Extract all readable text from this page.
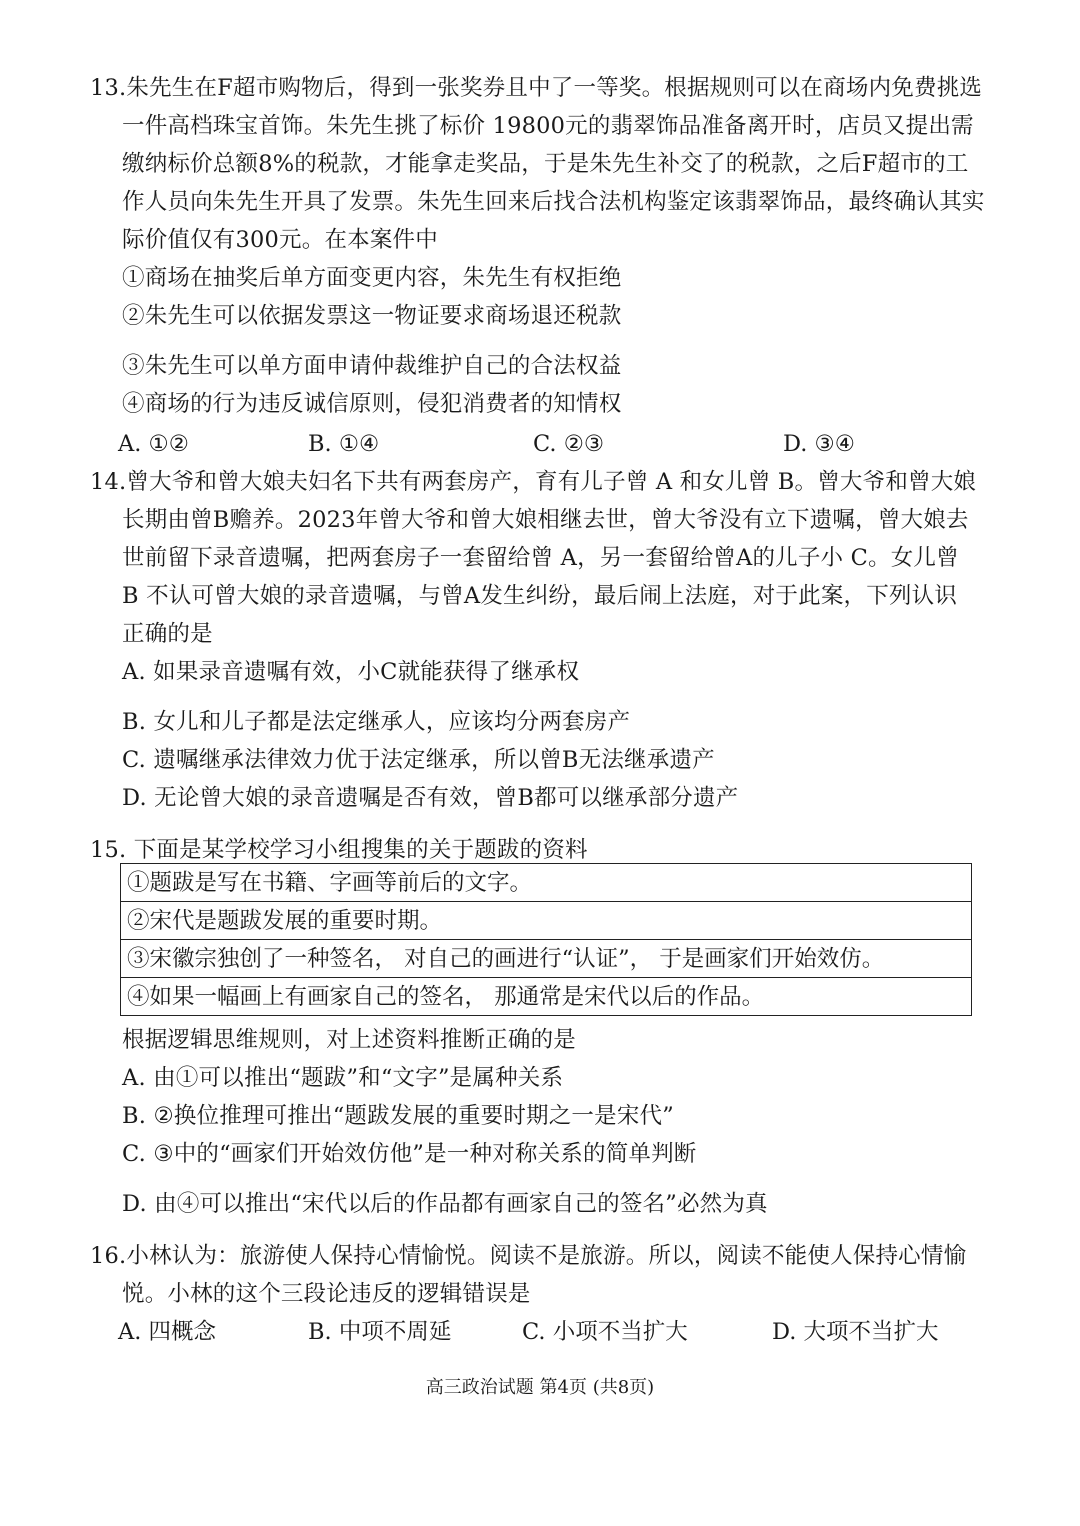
13.朱先生在F超市购物后，得到一张奖券且中了一等奖。根据规则可以在商场内免费挑选
一件高档珠宝首饰。朱先生挑了标价 19800元的翡翠饰品准备离开时，店员又提出需
缴纳标价总额8%的税款，才能拿走奖品，于是朱先生补交了的税款，之后F超市的工
作人员向朱先生开具了发票。朱先生回来后找合法机构鉴定该翡翠饰品，最终确认其实
际价值仅有300元。在本案件中
①商场在抽奖后单方面变更内容，朱先生有权拒绝
②朱先生可以依据发票这一物证要求商场退还税款
③朱先生可以单方面申请仲裁维护自己的合法权益
④商场的行为违反诚信原则，侵犯消费者的知情权
A. ①②	B. ①④	C. ②③	D. ③④
14.曾大爷和曾大娘夫妇名下共有两套房产，育有儿子曾 A 和女儿曾 B。曾大爷和曾大娘
长期由曾B赡养。2023年曾大爷和曾大娘相继去世，曾大爷没有立下遗嘱，曾大娘去
世前留下录音遗嘱，把两套房子一套留给曾 A，另一套留给曾A的儿子小 C。女儿曾
B 不认可曾大娘的录音遗嘱，与曾A发生纠纷，最后闹上法庭，对于此案，下列认识
正确的是
A. 如果录音遗嘱有效，小C就能获得了继承权
B. 女儿和儿子都是法定继承人，应该均分两套房产
C. 遗嘱继承法律效力优于法定继承，所以曾B无法继承遗产
D. 无论曾大娘的录音遗嘱是否有效，曾B都可以继承部分遗产
15. 下面是某学校学习小组搜集的关于题跋的资料
①题跋是写在书籍、字画等前后的文字。
②宋代是题跋发展的重要时期。
③宋徽宗独创了一种签名， 对自己的画进行“认证”， 于是画家们开始效仿。
④如果一幅画上有画家自己的签名， 那通常是宋代以后的作品。
根据逻辑思维规则，对上述资料推断正确的是
A. 由①可以推出“题跋”和“文字”是属种关系
B. ②换位推理可推出“题跋发展的重要时期之一是宋代”
C. ③中的“画家们开始效仿他”是一种对称关系的简单判断
D. 由④可以推出“宋代以后的作品都有画家自己的签名”必然为真
16.小林认为：旅游使人保持心情愉悦。阅读不是旅游。所以，阅读不能使人保持心情愉
悦。小林的这个三段论违反的逻辑错误是
A. 四概念	B. 中项不周延	C. 小项不当扩大	D. 大项不当扩大
高三政治试题 第4页 (共8页)
